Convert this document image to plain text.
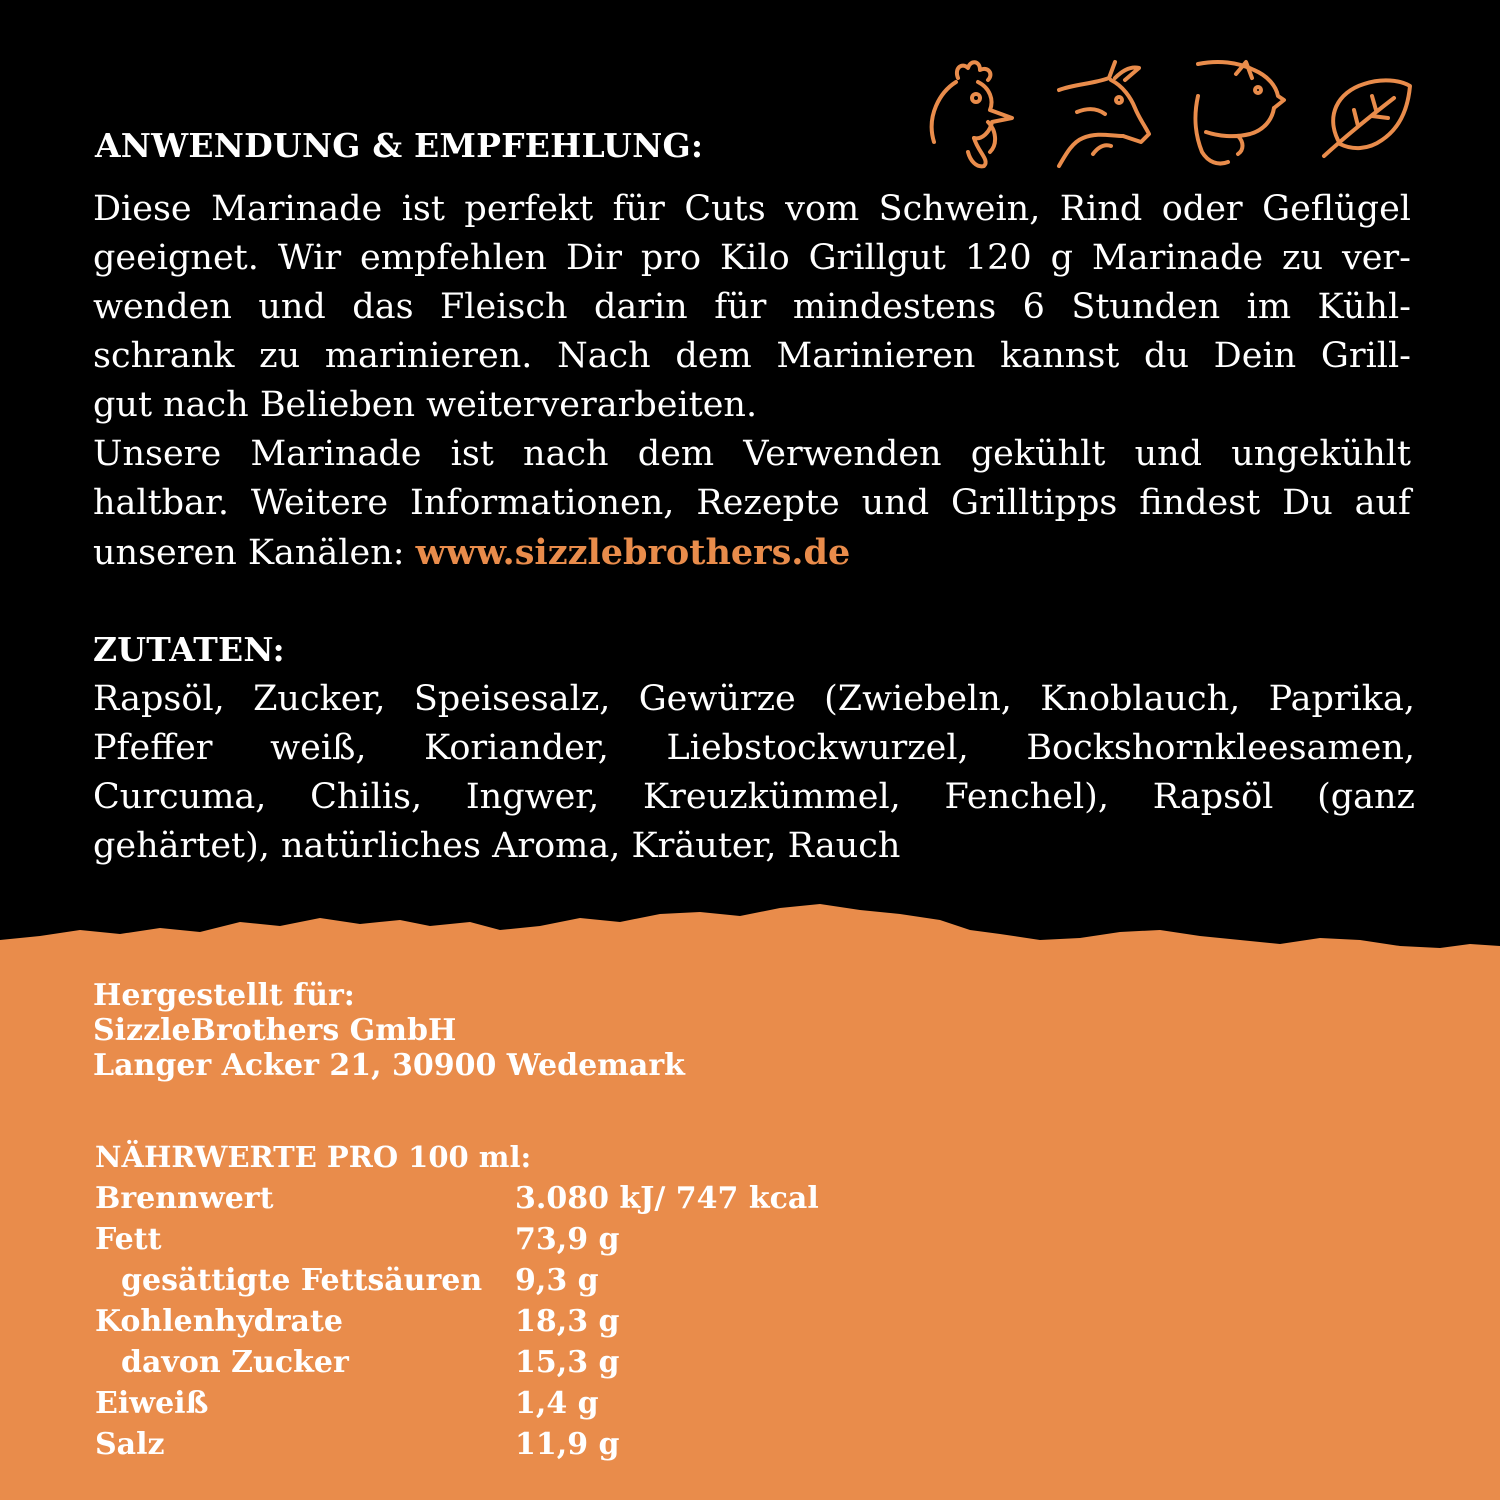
ANWENDUNG & EMPFEHLUNG:
Diese Marinade ist perfekt für Cuts vom Schwein, Rind oder Geflügel
geeignet. Wir empfehlen Dir pro Kilo Grillgut 120 g Marinade zu ver-
wenden und das Fleisch darin für mindestens 6 Stunden im Kühl-
schrank zu marinieren. Nach dem Marinieren kannst du Dein Grill-
gut nach Belieben weiterverarbeiten.
Unsere Marinade ist nach dem Verwenden gekühlt und ungekühlt
haltbar. Weitere Informationen, Rezepte und Grilltipps findest Du auf
unseren Kanälen: www.sizzlebrothers.de
ZUTATEN:
Rapsöl, Zucker, Speisesalz, Gewürze (Zwiebeln, Knoblauch, Paprika,
Pfeffer weiß, Koriander, Liebstockwurzel, Bockshornkleesamen,
Curcuma, Chilis, Ingwer, Kreuzkümmel, Fenchel), Rapsöl (ganz
gehärtet), natürliches Aroma, Kräuter, Rauch
Hergestellt für:
SizzleBrothers GmbH
Langer Acker 21, 30900 Wedemark
NÄHRWERTE PRO 100 ml:
Brennwert	3.080 kJ/ 747 kcal
Fett	73,9 g
gesättigte Fettsäuren 9,3 g
Kohlenhydrate	18,3 g
davon Zucker	15,3 g
Eiweiß	1,4 g
Salz	11,9 g
